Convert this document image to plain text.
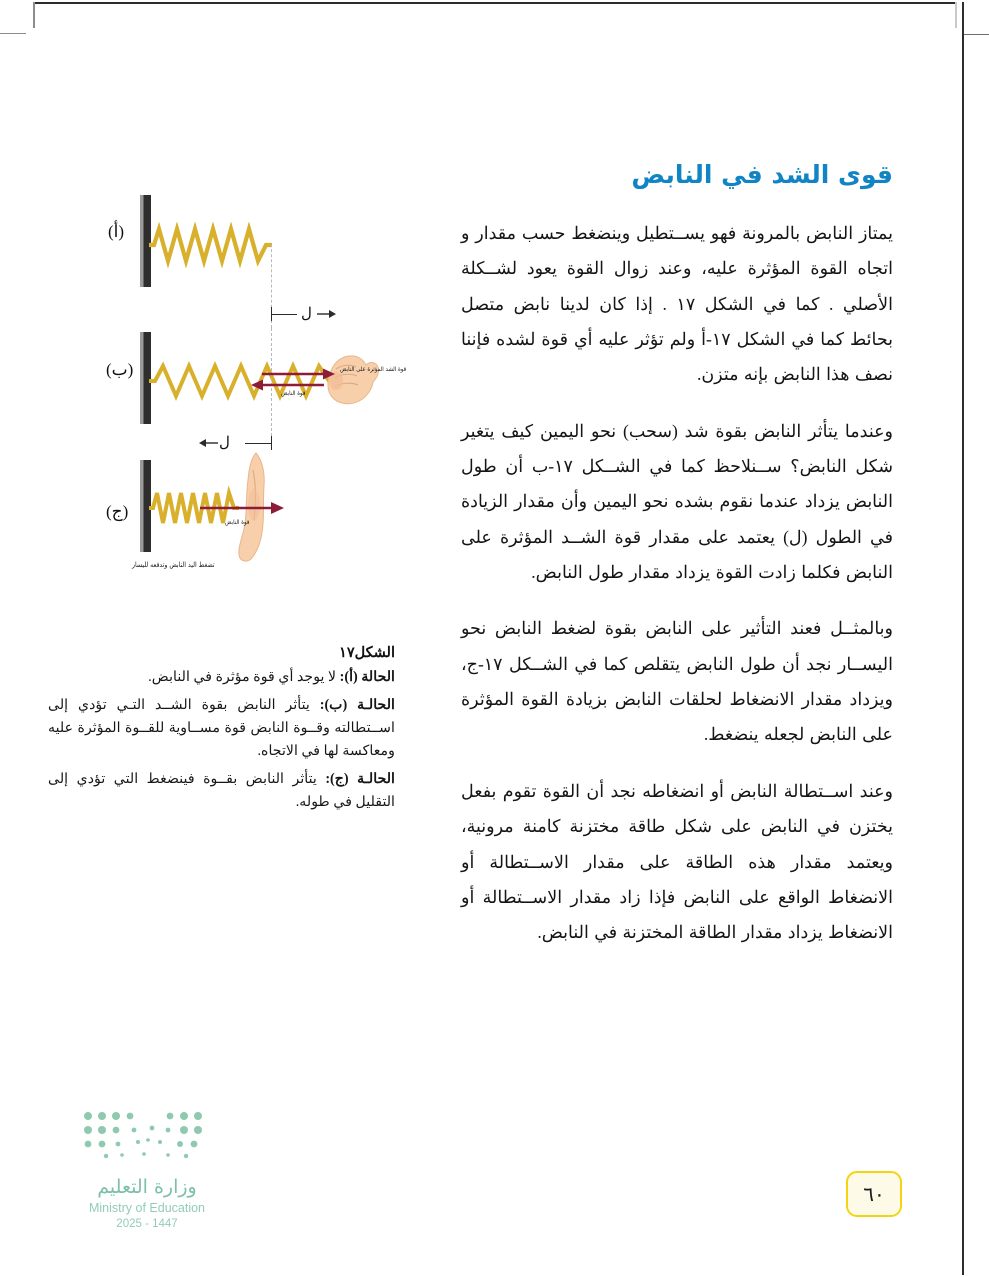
قوى الشد في النابض

يمتاز النابض بالمرونة فهو يســتطيل وينضغط حسب مقدار و اتجاه القوة المؤثرة عليه، وعند زوال القوة يعود لشــكلة الأصلي . كما في الشكل ١٧ . إذا كان لدينا نابض متصل بحائط كما في الشكل ١٧-أ ولم تؤثر عليه أي قوة لشده فإننا نصف هذا النابض بإنه متزن.

وعندما يتأثر النابض بقوة شد (سحب) نحو اليمين كيف يتغير شكل النابض؟ ســنلاحظ كما في الشــكل ١٧-ب أن طول النابض يزداد عندما نقوم بشده نحو اليمين وأن مقدار الزيادة في الطول (ل) يعتمد على مقدار قوة الشــد المؤثرة على النابض فكلما زادت القوة يزداد مقدار طول النابض.

وبالمثــل فعند التأثير على النابض بقوة لضغط النابض نحو اليســار نجد أن طول النابض يتقلص كما في الشــكل ١٧-ج، ويزداد مقدار الانضغاط لحلقات النابض بزيادة القوة المؤثرة على النابض لجعله ينضغط.

وعند اســتطالة النابض أو انضغاطه نجد أن القوة تقوم بفعل يختزن في النابض على شكل طاقة مختزنة كامنة مرونية، ويعتمد مقدار هذه الطاقة على مقدار الاســتطالة أو الانضغاط الواقع على النابض فإذا زاد مقدار الاســتطالة أو الانضغاط يزداد مقدار الطاقة المختزنة في النابض.

(أ)
ل
(ب)	قوة الشد المؤثرة على النابض
قوة النابض
ل
(ج)
قوة النابض
تضغط اليد النابض وتدفعه لليسار
الشكل١٧
الحالة (أ): لا يوجد أي قوة مؤثرة في النابض.
الحالـة (ب): يتأثر النابض بقوة الشــد التـي تؤدي إلى اســتطالته وقــوة النابض قوة مســاوية للقــوة المؤثرة عليه ومعاكسة لها في الاتجاه.
الحالـة (ج): يتأثر النابض بقــوة فينضغط التي تؤدي إلى التقليل في طوله.
وزارة التعليم
Ministry of Education
2025 - 1447
٦٠
